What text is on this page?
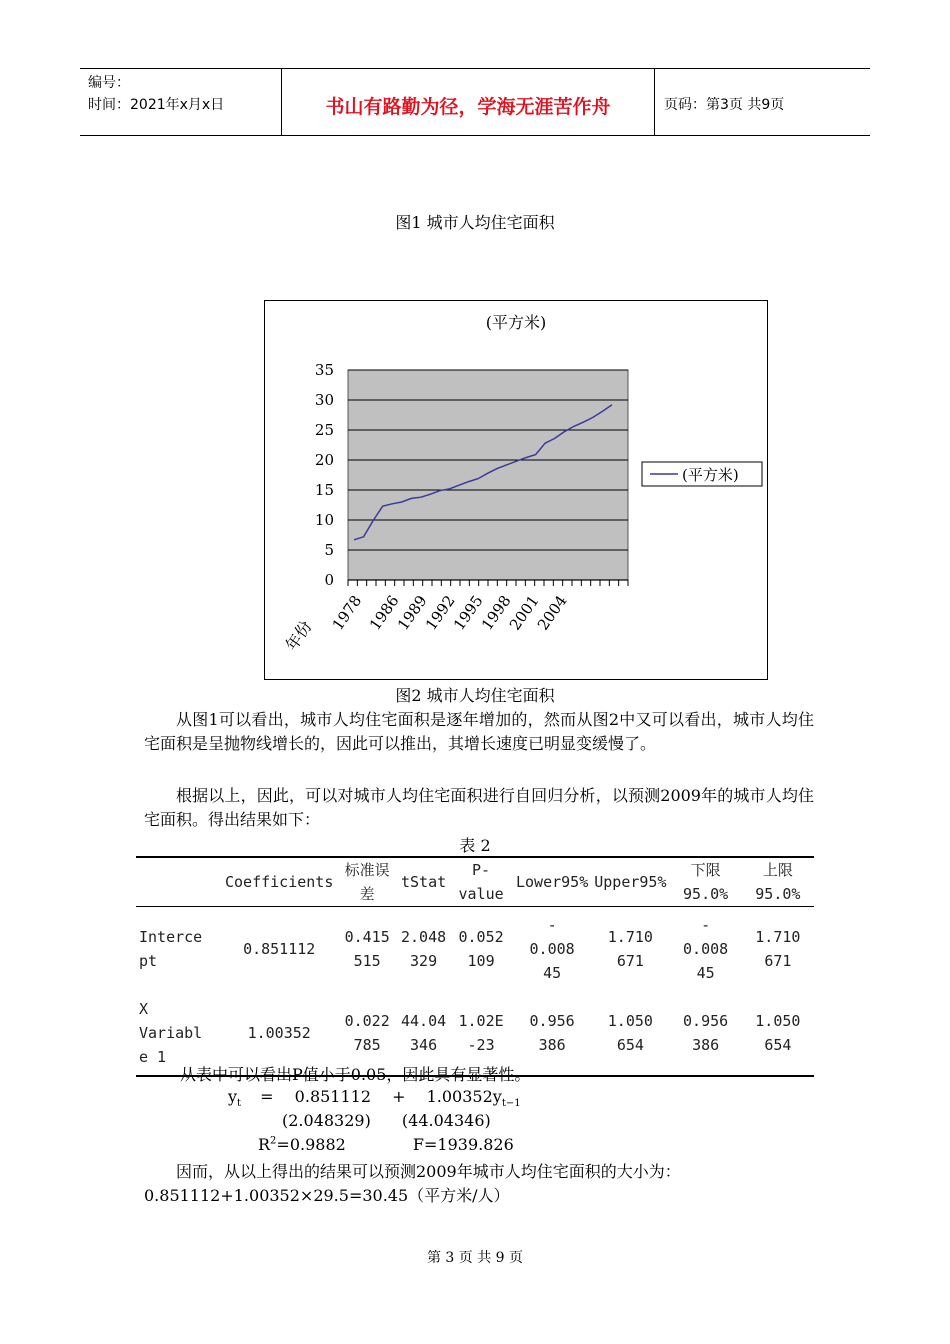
编号：
时间：2021年x月x日	书山有路勤为径，学海无涯苦作舟	页码：第3页 共9页
图1 城市人均住宅面积
(平方米)
0
5
10
15
20
25
30
35
1978 1986
1989
1992
1995
1998
2001
2004
年份
(平方米)
图2 城市人均住宅面积
从图1可以看出，城市人均住宅面积是逐年增加的，然而从图2中又可以看出，城市人均住宅面积是呈抛物线增长的，因此可以推出，其增长速度已明显变缓慢了。
根据以上，因此，可以对城市人均住宅面积进行自回归分析，以预测2009年的城市人均住宅面积。得出结果如下：
表 2
	Coefficients	标准误差	tStat	P-value	Lower95%	Upper95%	下限95.0%	上限95.0%

Interce
pt	0.851112	0.415
515	2.048
329	0.052
109	-
0.008
45	1.710
671	-
0.008
45	1.710
671

X
Variabl
e 1	1.00352	0.022
785	44.04
346	1.02E
-23	0.956
386	1.050
654	0.956
386	1.050
654
从表中可以看出P值小于0.05，因此具有显著性。
$y_t = 0.851112 + 1.00352y_{t-1}$
(2.048329) (44.04346)
$R^2=0.9882$	F=1939.826
因而，从以上得出的结果可以预测2009年城市人均住宅面积的大小为：
0.851112+1.00352×29.5=30.45（平方米/人）
第 3 页 共 9 页
